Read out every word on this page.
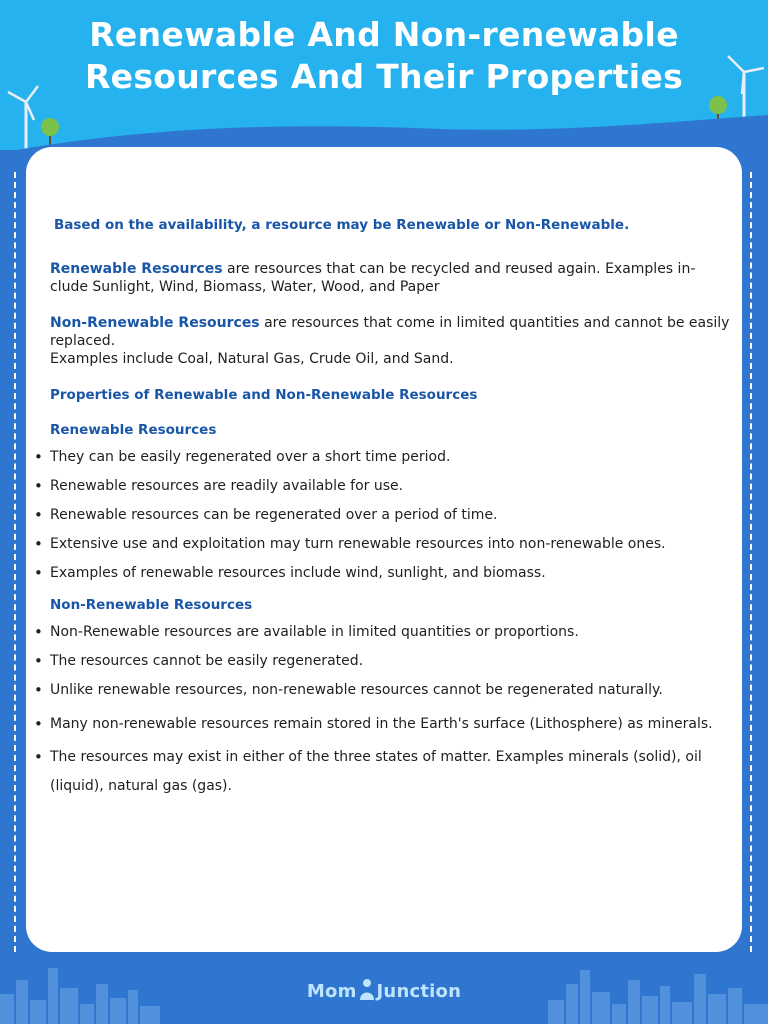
Renewable And Non-renewable
Resources And Their Properties

Based on the availability, a resource may be Renewable or Non-Renewable.

Renewable Resources are resources that can be recycled and reused again. Examples in-clude Sunlight, Wind, Biomass, Water, Wood, and Paper

Non-Renewable Resources are resources that come in limited quantities and cannot be easily replaced.
Examples include Coal, Natural Gas, Crude Oil, and Sand.

Properties of Renewable and Non-Renewable Resources

Renewable Resources

• They can be easily regenerated over a short time period.
• Renewable resources are readily available for use.
• Renewable resources can be regenerated over a period of time.
• Extensive use and exploitation may turn renewable resources into non-renewable ones.
• Examples of renewable resources include wind, sunlight, and biomass.

Non-Renewable Resources

• Non-Renewable resources are available in limited quantities or proportions.
• The resources cannot be easily regenerated.
• Unlike renewable resources, non-renewable resources cannot be regenerated naturally.
• Many non-renewable resources remain stored in the Earth's surface (Lithosphere) as minerals.
• The resources may exist in either of the three states of matter. Examples minerals (solid), oil (liquid), natural gas (gas).
Mom Junction
